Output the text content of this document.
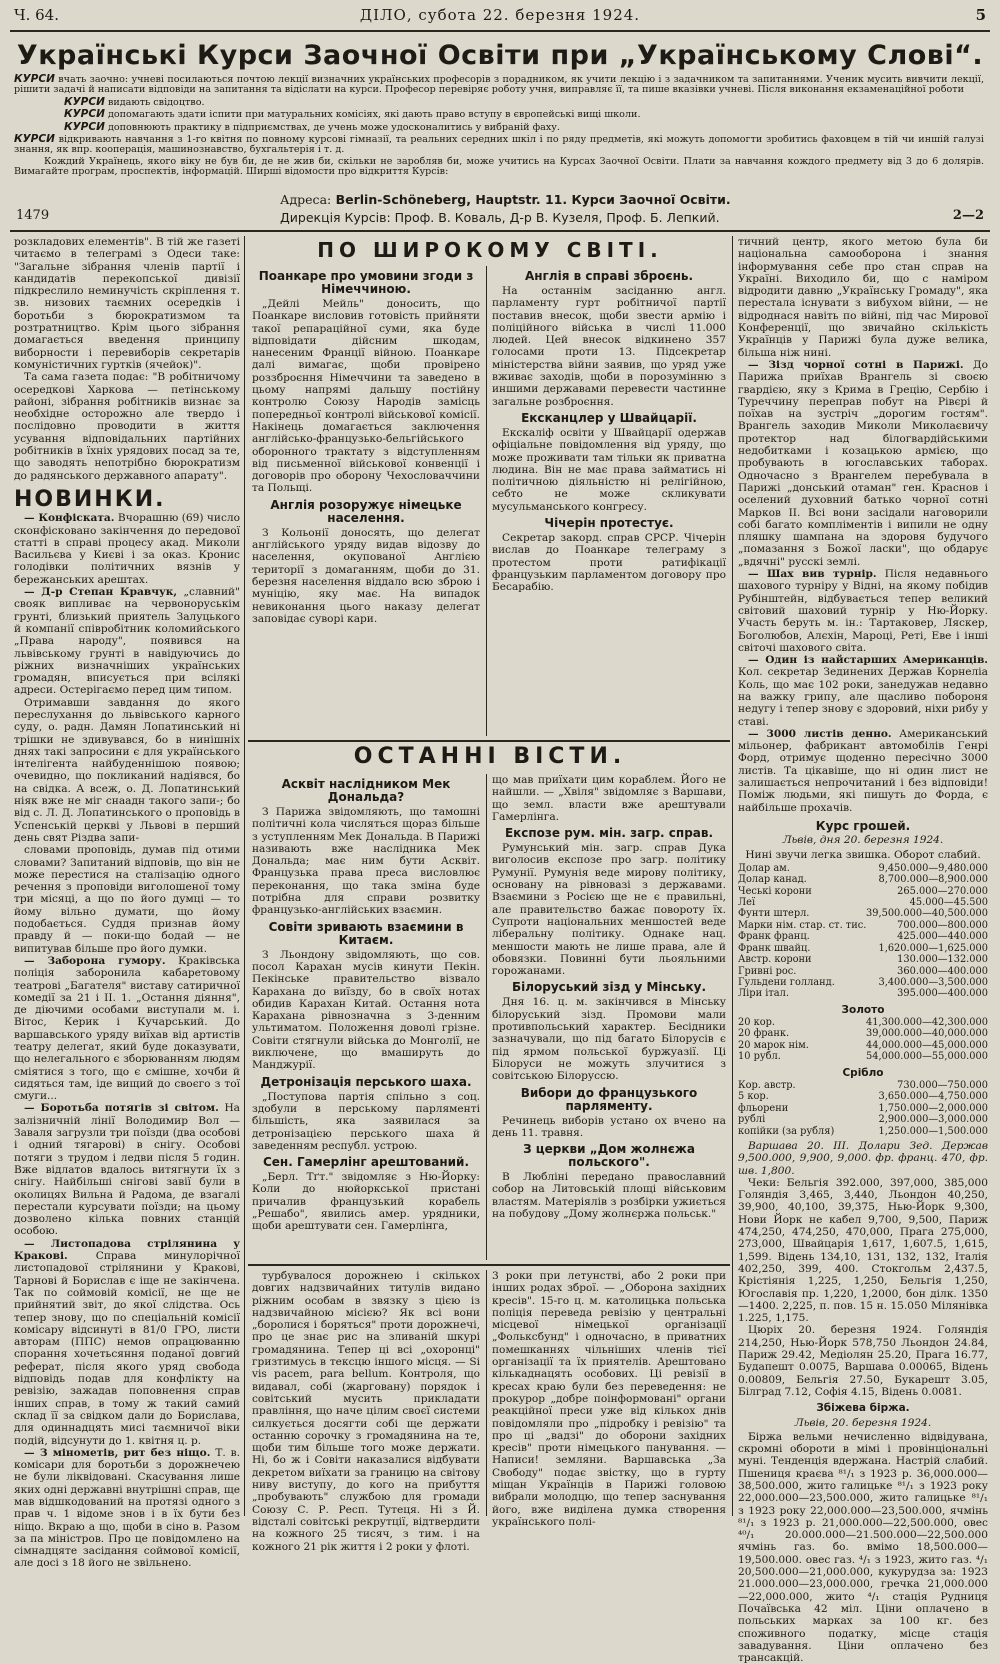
Ч. 64.	ДІЛО, субота 22. березня 1924.	5
Українські Курси Заочної Освіти при „Українському Слові“.

КУРСИ вчать заочно: учневі посилаються почтою лекції визначних українських професорів з порадником, як учити лекцію і з задачником та запитаннями. Ученик мусить вивчити лекції, рішити задачі й написати відповіди на запитання та відіслати на курси. Професор перевіряє роботу учня, виправляє її, та пише вказівки учневі. Після виконання екзаменаційної роботи

КУРСИ видають свідоцтво.

КУРСИ допомагають здати іспити при матуральних комісіях, які дають право вступу в європейські вищі школи.

КУРСИ доповнюють практику в підприємствах, де учень може удосконалитись у вибраній фаху.

КУРСИ відкривають навчання з 1-го квітня по повному курсові гімназії, та реальних середних шкіл і по ряду предметів, які можуть допомогти зробитись фаховцем в тій чи иншій галузі знання, як впр. кооперація, машинознавство, бухгальтерія і т. д.

Кождий Українець, якого віку не був би, де не жив би, скільки не заробляв би, може учитись на Курсах Заочної Освіти. Плати за навчання кождого предмету від 3 до 6 долярів. Вимагайте програм, проспектів, інформацій. Ширші відомости про відкриття Курсів:

Адреса: Berlin-Schöneberg, Hauptstr. 11. Курси Заочної Освіти.
Дирекція Курсів: Проф. В. Коваль, Д-р В. Кузеля, Проф. Б. Лепкий.
1479	2—2

розкладових елементів". В тій же газеті читаємо в телеграмі з Одеси таке: "Загальне зібрання членів партії і кандидатів перекопської дивізії підкреслило неминучість скріплення т. зв. низових таємних осередків і боротьби з бюрократизмом та розтратництво. Крім цього зібрання домагається введення принципу виборности і перевиборів секретарів комуністичних гуртків (ячейок)".

Та сама газета подає: "В робітничому осередкові Харкова — петінському районі, зібрання робітників визнає за необхідне осторожно але твердо і послідовно проводити в життя усування відповідальних партійних робітників в їхніх урядових посад за те, що заводять непотрібно бюрократизм до радянського державного апарату".

НОВИНКИ.

— Конфіската. Вчорашню (69) число сконфісковано закінчення до передової статті в справі процесу акад. Миколи Васильєва у Києві і за оказ. Кронис голодівки політичних вязнів у бережанських арештах.

— Д-р Степан Кравчук, „славний" свояк випливає на червоноруськім грунті, близький приятель Залуцького й компанії співробітник коломийського „Права народу", появився на львівському грунті в навідуючись до ріжних визначніших українських громадян, вписується при всілякі адреси. Остерігаємо перед цим типом.

Отримавши завдання до якого переслухання до львівського карного суду, о. радн. Дамян Лопатинський ні трішки не здивувався, бо в нинішніх днях такі запросини є для українського інтелігента найбуденнішою появою; очевидно, що покликаний надіявся, бо на свідка. А всеж, о. Д. Лопатинський ніяк вже не міг снаадн такого запи-; бо від с. Л. Д. Лопатинського о проповідь в Успенській церкві у Львові в перший день свят Різдва запи-

словами проповідь, думав під отими словами? Запитаний відповів, що він не може перестися на сталізацію одного речення з проповіди виголошеної тому три місяці, а що по його думці — то йому вільно думати, що йому подобається. Суддя признав йому правду й — поки-що бодай — не випитував більше про його думки.

— Заборона гумору. Краківська поліція заборонила кабаретовому театрові „Багателя" виставу сатиричної комедії за 21 і ІІ. 1. „Остання діяння", де діючими особами виступали м. і. Вітос, Керик і Кучарський. До варшавського уряду виїхав від артистів театру делегат, який буде доказувати, що нелегального є зборюванням людям сміятися з того, що є смішне, хочби й сидяться там, іде вищий до своєго з тої смуги...

— Боротьба потягів зі світом. На залізничній лінії Володимир Вол — Заваля загрузли три поїзди (два особові і одний тягарові) в снігу. Особові потяги з трудом і ледви після 5 годин. Вже відлатов вдалось витягнути їх з снігу. Найбільші снігові завії були в околицях Вильна й Радома, де взагалі перестали курсувати поїзди; на цьому дозволено кілька повних станцій особою.

— Листопадова стрілянина у Кракові.	Справа минулорічної листопадової стрілянини у Кракові, Тарнові й Борислав є іще не закінчена. Так по соймовій комісії, не ще не прийнятий звіт, до якої слідства. Ось тепер знову, що по спеціальній комісії комісару відсинуті в 81/0 ГРО, листи авторам (ППС) немов опрацюванню спорання хочетьсяння поданої довгий реферат, після якого уряд свобода відповідь подав для конфлікту на ревізію, зажадав поповнення справ інших справ, в тому ж такий самий склад її за свідком дали до Борислава, для одиннадцять мисі таємничої віки подій, відсунути до 1. квітня ц. р.

— З мінометів, рит без ніщо. Т. в. комісари для боротьби з дорожнечею не були ліквідовані. Скасування лише яких одні державні внутрішні справ, ще мав відшкодований на протязі одного з прав ч. 1 відоме знов і в їх бути без ніщо. Вкраю а що, щоби в сіно в. Разом за па міністров. Про це повідомлено на сімнадцяте засідання соймової комісії, але досі з 18 його не звільнено.

ПО ШИРОКОМУ СВІТІ.
Поанкаре про умовини згоди з Німеччиною.

„Дейлі Мейль" доносить, що Поанкаре висловив готовість прийняти такої репараційної суми, яка буде відповідати дійсним шкодам, нанесеним Франції війною. Поанкаре далі вимагає, щоби провірено роззброєння Німеччини та заведено в цьому напрямі дальшу постійну контролю Союзу Народів замісць попередньої контролі військової комісії. Накінець домагається заключення англійсько-французько-бельгійського оборонного трактату з відступленням від письменної військової конвенції і договорів про оборону Чехословаччини та Польщі.

Англія розоружує німецьке населення.

З Кольонії доносять, що делегат англійського уряду видав відозву до населення, окупованої Англією території з домаганням, щоби до 31. березня населення віддало всю зброю і муніцію, яку має. На випадок невиконання цього наказу делегат заповідає суворі кари.

Англія в справі зброєнь.

На останнім засіданню англ. парламенту гурт робітничої партії поставив внесок, щоби звести армію і поліційного війська в числі 11.000 людей. Цей внесок відкинено 357 голосами проти 13. Підсекретар міністерства війни заявив, що уряд уже вживає заходів, щоби в порозумінню з иншими державами перевести частинне загальне розброєння.

Ексканцлер у Швайцарії.

Екскаліф освіти у Швайцарії одержав офіціальне повідомлення від уряду, що може проживати там тільки як приватна людина. Він не має права займатись ні політичною діяльністю ні релігійною, себто не може скликувати мусульманського конгресу.

Чічерін протестує.

Секретар закорд. справ СРСР. Чічерін вислав до Поанкаре телеграму з протестом проти ратифікації французьким парламентом договору про Бесарабію.

тичний центр, якого метою була би національна самооборона і знання інформування себе про стан справ на Україні. Виходило би, що с наміром відродити давню „Українську Громаду", яка перестала існувати з вибухом війни, — не відроднася навіть по війні, під час Мирової Конференції, що звичайно скількість Українців у Парижі була дуже велика, більша ніж нині.

— Зізд чорної сотні в Парижі. До Парижа приїхав Врангель зі своєю гвардією, яку з Крима в Грецію, Сербію і Туреччину переправ побут на Рівєрі й поїхав на зустріч „дорогим гостям". Врангель заходив Миколи Миколаєвичу протектор над білогвардійськими недобитками і козацькою армією, що пробувають в югославських таборах. Одночасно з Врангелем перебувала в Парижі „донський отаман" ген. Краснов і оселений духовний батько чорної сотні Марков II. Всі вони засідали наговорили собі багато компліментів і випили не одну пляшку шампана на здоровя будучого „помазання з Божої ласки", що обдарує „вдячні" русскі землі.

— Шах вив турнір. Після недавнього шахового турніру у Відні, на якому побідив Рубінштейн, відбувається тепер великий світовий шаховий турнір у Ню-Йорку. Участь беруть м. ін.: Тартаковер, Ляскер, Боголюбов, Алєхін, Мароці, Реті, Еве і інші світочі шахового світа.

— Один із найстарших Американців. Кол. секретар Зединених Держав Корнеліа Коль, що має 102 роки, занедужав недавно на важку грипу, але щасливо побороня недугу і тепер знову є здоровий, ніхи рибу у ставі.

— 3000 листів денно. Американський мільонер, фабрикант автомобілів Генрі Форд, отримує щоденно пересічно 3000 листів. Та цікавіше, що ні один лист не залишається непрочитаний і без відповіди! Поміж людьми, які пишуть до Форда, є найбільше прохачів.

Курс грошей.
Львів, дня 20. березня 1924.
Нині звучи легка звишка. Оборот слабий.
Долар ам.	9,450.000—9,480.000
Долар канад.	8,700.000—8,900.000
Чеські корони	265.000—270.000
Леї	45.000—45.500
Фунти штерл.	39,500.000—40,500.000
Марки нім. стар. ст. тис.	700.000—800.000
Франк франц.	425.000—440.000
Франк швайц.	1,620.000—1,625.000
Австр. корони	130.000—132.000
Гривні рос.	360.000—400.000
Гульдени голланд.	3,400.000—3,500.000
Ліри італ.	395.000—400.000
Золото
20 кор.	41,300.000—42,300.000
20 франк.	39,000.000—40,000.000
20 марок нім.	44,000.000—45,000.000
10 рубл.	54,000.000—55,000.000
Срібло
Кор. австр.	730.000—750.000
5 кор.	3,650.000—4,750.000
фльорени	1,750.000—2,000.000
рублі	2,900.000—3,000.000
копійки (за рубля)	1,250.000—1,500.000

Варшава 20. III. Долари Зед. Держав 9,500.000, 9,900, 9,000. фр. франц. 470, фр. шв. 1,800.

Чеки: Бельгія 392.000, 397,000, 385,000 Голяндія 3,465, 3,440, Льондон 40,250, 39,900, 40,100, 39,375, Нью-Йорк 9,300, Нови Йорк не кабел 9,700, 9,500, Париж 474,250, 474,250, 470,000, Прага 275,000, 273,000, Швайцарія 1,617, 1,607.5, 1,615, 1,599. Відень 134,10, 131, 132, 132, Італія 402,250, 399, 400. Стокгольм 2,437.5, Крістіянія 1,225, 1,250, Бельгія 1,250, Югославія пр. 1,220, 1,2000, бон ділк. 1350—1400. 2,225, п. пов. 15 н. 15.050 Мілянівка 1.225, 1,175.

Цюріх 20. березня 1924. Голяндія 214,250, Нью-Йорк 578,750 Льондон 24.84, Париж 29.42, Медіолян 25.20, Прага 16.77, Будапешт 0.0075, Варшава 0.00065, Відень 0.00809, Бельгія 27.50, Букарешт 3.05, Білград 7.12, Софія 4.15, Відень 0.0081.

Збіжева біржа.
Львів, 20. березня 1924.

Біржа вельми нечисленно відвідувана, скромні обороти в мімі і провінціональні муні. Тенденція вдержана. Настрій слабий. Пшениця краєва ⁸¹/₁ з 1923 р. 36,000.000—38,500.000, жито галицьке ⁸¹/₁ з 1923 року 22,000.000—23,500.000, жито галицьке ⁸¹/₁ з 1923 року 22,000.000—23,500.000, ячмінь ⁸¹/₁ з 1923 р. 21,000.000—22,500.000, овес ⁴⁰/₁ 20.000.000—21.500.000—22,500.000 ячмінь газ. бо. вмімо 18,500.000—19,500.000. овес газ. ⁴/₁ з 1923, жито газ. ⁴/₁ 20,500.000—21,000.000, кукурудза за: 1923 21.000.000—23,000.000, гречка 21,000.000—22,000.000, жито ⁴/₁ стація Рудниця Почаївська 42 міл. Ціни оплачено в польських марках за 100 кг. без споживного податку, місце стація завадування. Ціни оплачено без трансакцій.

ОСТАННІ ВІСТИ.
Асквіт наслідником Мек Дональда?

З Парижа звідомляють, що тамошні політичні кола числяться щораз більше з уступленням Мек Дональда. В Парижі називають вже наслідника Мек Дональда; має ним бути Асквіт. Французька права преса висловлює переконання, що така зміна буде потрібна для справи розвитку французько-англійських взаємин.

Совіти зривають взаємини в Китаєм.

З Льондону звідомляють, що сов. посол Карахан мусів кинути Пекін. Пекінське правительство візвало Карахана до виїзду, бо в своїх нотах обидив Карахан Китай. Остання нота Карахана рівнозначна з 3-денним ультиматом. Положення доволі грізне. Совіти стягнули війська до Монголії, не виключене, що вмашируть до Манджурії.

Детронізація перського шаха.

„Поступова партія спільно з соц. здобули в перському парляменті більшість, яка заявилася за детронізацією перського шаха й заведенням республ. устрою.

Сен. Гамерлінг арештований.

„Берл. Тґт." звідомляє з Ню-Йорку: Коли до нюйоркської пристані причалив французький корабель „Решабо", явились амер. урядники, щоби арештувати сен. Гамерлінга,

що мав приїхати цим кораблем. Його не найшли. — „Хвіля" звідомляє з Варшави, що земл. власти вже арештували Гамерлінга.

Експозе рум. мін. загр. справ.

Румунський мін. загр. справ Дука виголосив експозе про загр. політику Румунії. Румунія веде мирову політику, основану на рівновазі з державами. Взаємини з Росією ще не є правильні, але правительство бажає повороту їх. Супроти національних меншостей веде ліберальну політику. Однаке нац. меншости мають не лише права, але й обовязки. Повинні бути льояльними горожанами.

Білоруський зізд у Мінську.

Дня 16. ц. м. закінчився в Мінську білоруський зізд. Промови мали противпольський характер. Бесідники зазначували, що під багато Білорусів є під ярмом польської буржуазії. Ці Білоруси не можуть злучитися з совітською Білоруссю.

Вибори до французького парляменту.

Речинець виборів устано ох вчено на день 11. травня.

З церкви „Дом жолнєжа польского".

В Любліні передано православний собор на Литовській площі військовим властям. Матеріялів з розбірки ужиється на побудову „Дому жолнєржа польськ."

турбувалося дорожнею і скількох довгих надзвичайних титулів видано ріжним особам в звязку з цією із надзвичайною місією? Як всі вони „боролися і боряться" проти дорожнечі, про це знає рис на зливаній шкурі громадянина. Тепер ці всі „охоронці" гризтимусь в тексцю іншого місця. — Si vis pacem, para bellum. Контроля, що видавал, собі (жарговану) порядок і совітський мусить прикладати правління, що наче цілим своєї системи силкується досягти собі ще держати останню сорочку з громадянина на те, щоби тим більше того може держати. Ні, бо ж і Совіти наказалися відбувати декретом виїхати за границю на світову ниву виступу, до кого на прибуття „пробувають" службою для громади Союзу С. Р. Респ. Тутеця. Ні з Й. відсталі совітські рекрутції, відтвердити на кожного 25 тисяч, з тим. і на кожного 21 рік життя і 2 роки у флоті.

3 роки при летунстві, або 2 роки при інших родах зброї. — „Оборона західних кресів". 15-го ц. м. католицька польська поліція переведа ревізію у центральні місцевої німецької організації „Фольксбунд" і одночасно, в приватних помешканнях чільніших членів тієї організації та їх приятелів. Арештовано кількаднацять особових. Ці ревізії в кресах краю були без переведення: не прокурор „добре поінформовані" органи реакційної преси уже від кількох днів повідомляли про „підробку і ревізію" та про ці „вадзі" до оборони західних кресів" проти німецького панування. — Написи! земляни. Варшавська „За Свободу" подає звістку, що в гурту міщан Українців в Парижі головою вибрали молодцю, що тепер заснування його, вже виділена думка створення українського полі-
